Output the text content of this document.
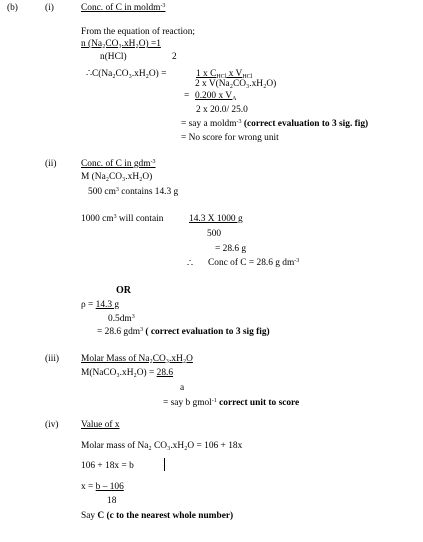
(b)	(i)	Conc. of C in moldm$^{-3}$
From the equation of reaction;
n (Na₂CO₃.xH₂O) =1
n(HCl)	2
∴C(Na₂CO₃.xH₂O) =	1 x $C_{HCl}$ x $V_{HCl}$
2 x V(Na₂CO₃.xH₂O)
= 0.200 x $V_A$
2 x 20.0/ 25.0
= say a moldm$^{-3}$ (correct evaluation to 3 sig. fig)
= No score for wrong unit
(ii)	Conc. of C in gdm$^{-3}$
M (Na₂CO₃.xH₂O)
500 $cm^3$ contains 14.3 g
1000 $cm^3$ will contain	14.3 X 1000 g
500
= 28.6 g
∴ Conc of C = 28.6 g $dm^{-3}$
OR
ρ = 14.3 g
$0.5dm^3$
= 28.6 gdm$^3$ ( correct evaluation to 3 sig fig)
(iii) Molar Mass of Na₂CO₃.xH₂O
M(NaCO₃.xH₂O) = 28.6
a
= say b gmol$^{-1}$ correct unit to score
(iv) Value of x
Molar mass of Na₂ CO₃.xH₂O = 106 + 18x
106 + 18x = b
x = b – 106
18
Say C (c to the nearest whole number)
